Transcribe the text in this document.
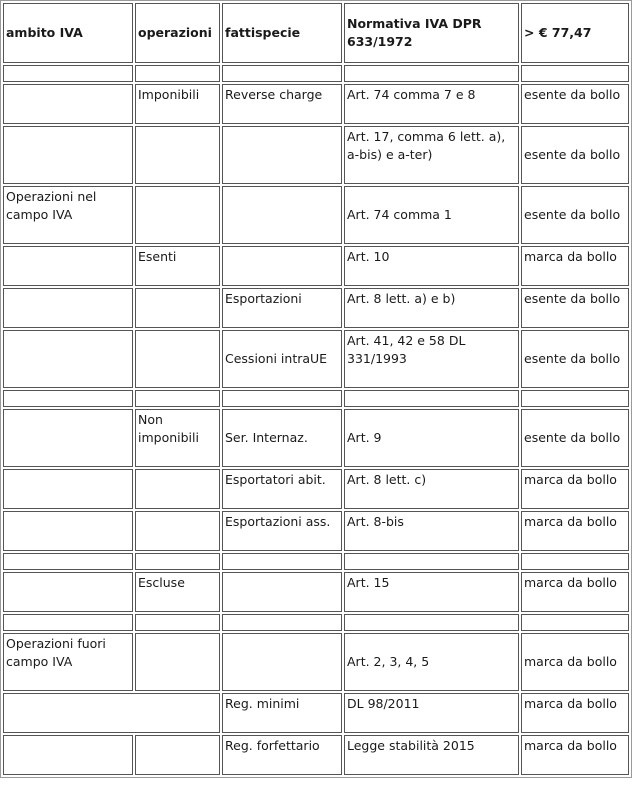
ambito IVA	operazioni	fattispecie	Normativa IVA DPR 633/1972	> € 77,47

	Imponibili	Reverse charge	Art. 74 comma 7 e 8	esente da bollo
			Art. 17, comma 6 lett. a), a-bis) e a-ter)	esente da bollo
Operazioni nel campo IVA			Art. 74 comma 1	esente da bollo
	Esenti		Art. 10	marca da bollo
		Esportazioni	Art. 8 lett. a) e b)	esente da bollo
		Cessioni intraUE	Art. 41, 42 e 58 DL 331/1993	esente da bollo

	Non imponibili	Ser. Internaz.	Art. 9	esente da bollo
		Esportatori abit.	Art. 8 lett. c)	marca da bollo
		Esportazioni ass.	Art. 8-bis	marca da bollo

	Escluse		Art. 15	marca da bollo

Operazioni fuori campo IVA			Art. 2, 3, 4, 5	marca da bollo
		Reg. minimi	DL 98/2011	marca da bollo
		Reg. forfettario	Legge stabilità 2015	marca da bollo
